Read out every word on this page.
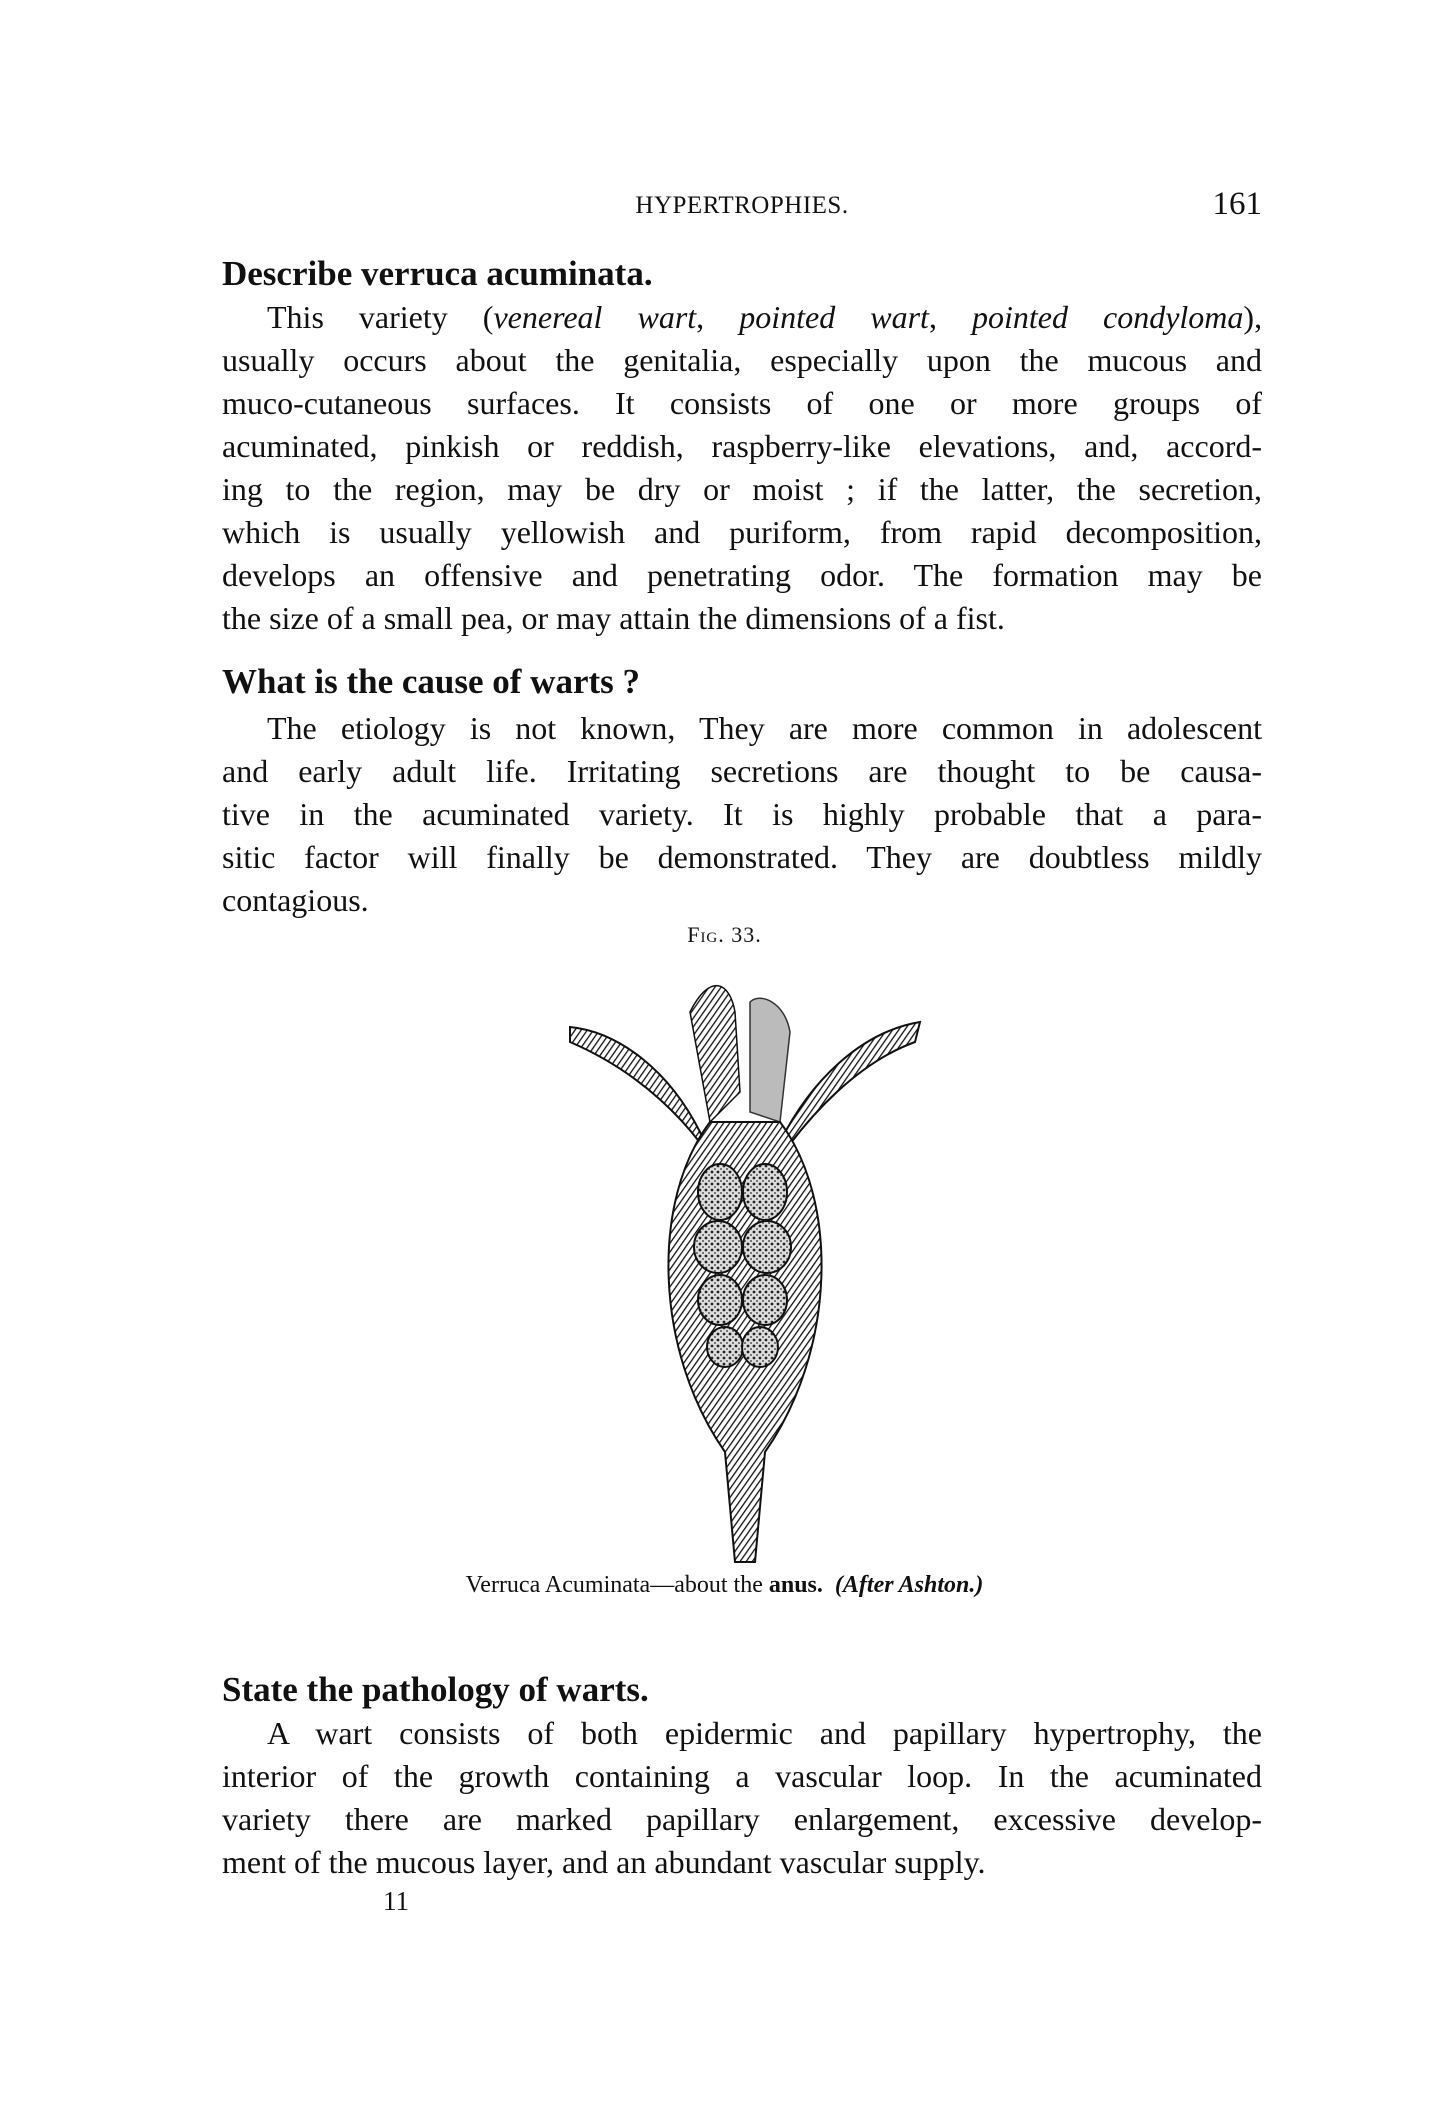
HYPERTROPHIES.	161
Describe verruca acuminata.
This variety (venereal wart, pointed wart, pointed condyloma),
usually occurs about the genitalia, especially upon the mucous and
muco-cutaneous surfaces. It consists of one or more groups of
acuminated, pinkish or reddish, raspberry-like elevations, and, accord-
ing to the region, may be dry or moist ; if the latter, the secretion,
which is usually yellowish and puriform, from rapid decomposition,
develops an offensive and penetrating odor. The formation may be
the size of a small pea, or may attain the dimensions of a fist.
What is the cause of warts ?
The etiology is not known, They are more common in adolescent
and early adult life. Irritating secretions are thought to be causa-
tive in the acuminated variety. It is highly probable that a para-
sitic factor will finally be demonstrated. They are doubtless mildly
contagious.
Fig. 33.
Verruca Acuminata—about the anus. (After Ashton.)
State the pathology of warts.
A wart consists of both epidermic and papillary hypertrophy, the
interior of the growth containing a vascular loop. In the acuminated
variety there are marked papillary enlargement, excessive develop-
ment of the mucous layer, and an abundant vascular supply.
11
